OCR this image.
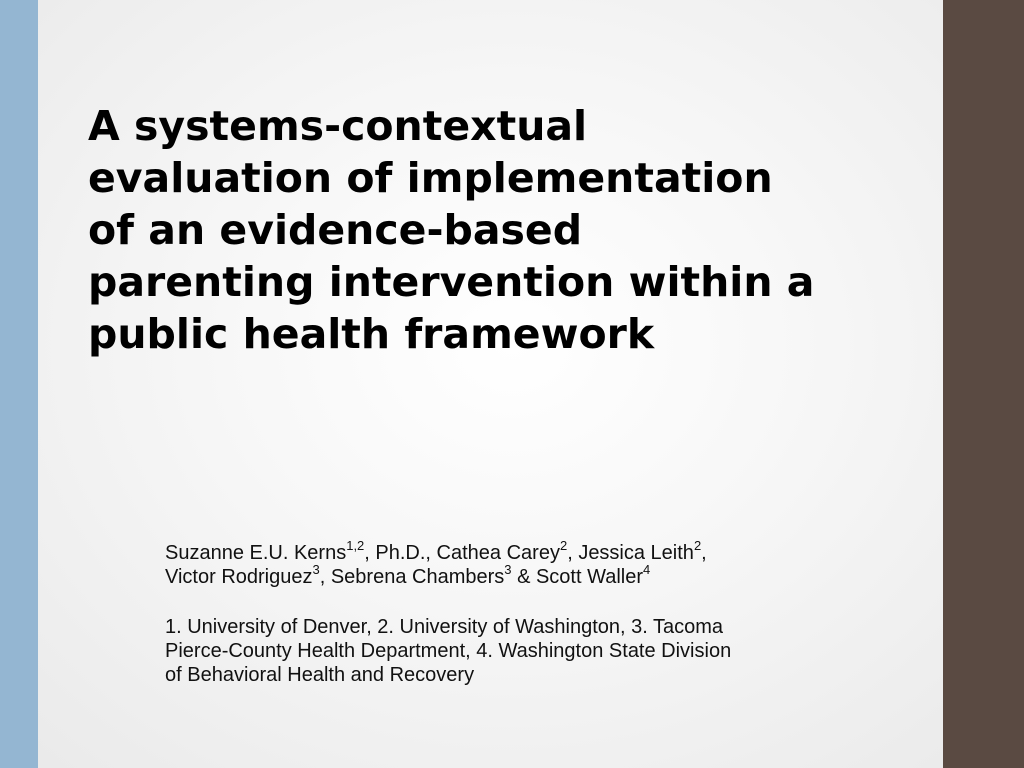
A systems-contextual
evaluation of implementation
of an evidence-based
parenting intervention within a
public health framework

Suzanne E.U. Kerns$^{1,2}$, Ph.D., Cathea Carey$^2$, Jessica Leith$^2$,

Victor Rodriguez$^3$, Sebrena Chambers$^3$ & Scott Waller$^4$

1. University of Denver, 2. University of Washington, 3. Tacoma

Pierce-County Health Department, 4. Washington State Division

of Behavioral Health and Recovery
